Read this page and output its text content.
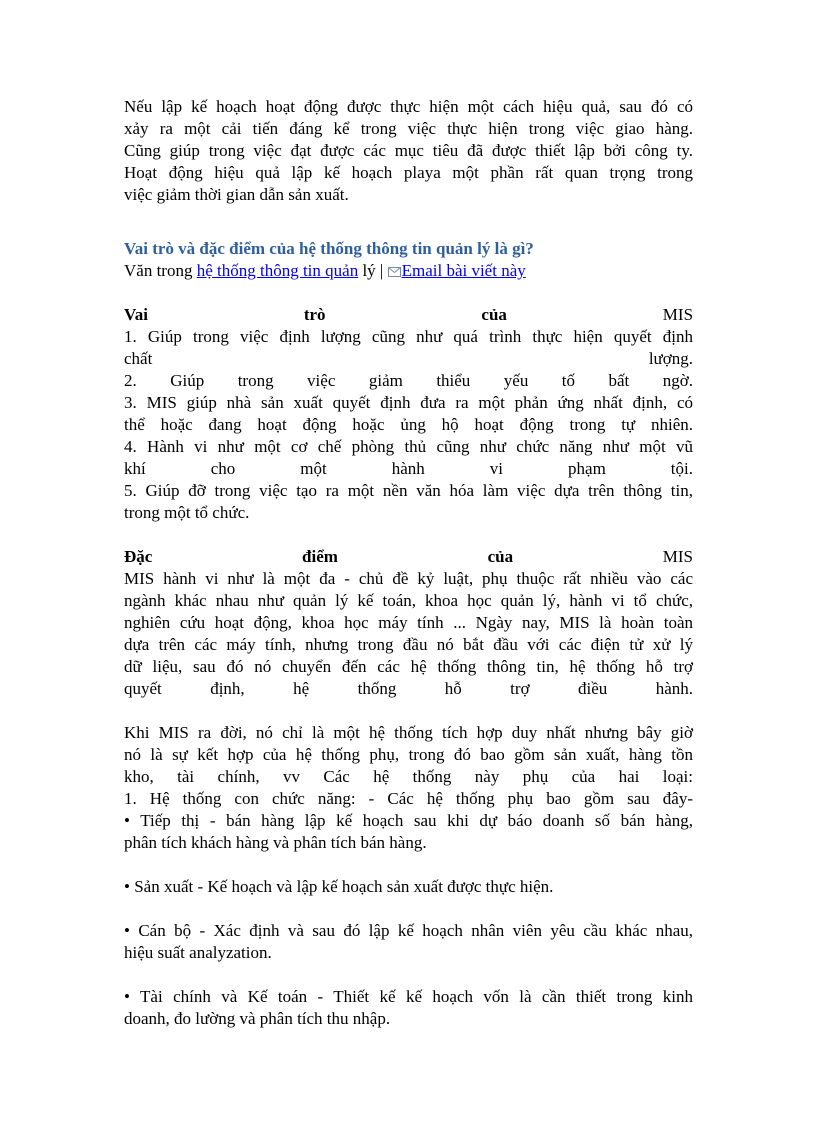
Nếu lập kế hoạch hoạt động được thực hiện một cách hiệu quả, sau đó có
xảy ra một cải tiến đáng kể trong việc thực hiện trong việc giao hàng.
Cũng giúp trong việc đạt được các mục tiêu đã được thiết lập bởi công ty.
Hoạt động hiệu quả lập kế hoạch playa một phần rất quan trọng trong
việc giảm thời gian dẫn sản xuất.
Vai trò và đặc điểm của hệ thống thông tin quản lý là gì?
Văn trong hệ thống thông tin quản lý | Email bài viết này
Vai	trò	của	MIS
1. Giúp trong việc định lượng cũng như quá trình thực hiện quyết định
chất lượng.
2. Giúp trong việc giảm thiểu yếu tố bất ngờ.
3. MIS giúp nhà sản xuất quyết định đưa ra một phản ứng nhất định, có
thể hoặc đang hoạt động hoặc ủng hộ hoạt động trong tự nhiên.
4. Hành vi như một cơ chế phòng thủ cũng như chức năng như một vũ
khí cho một hành vi phạm tội.
5. Giúp đỡ trong việc tạo ra một nền văn hóa làm việc dựa trên thông tin,
trong một tổ chức.
Đặc	điểm	của	MIS
MIS hành vi như là một đa - chủ đề kỷ luật, phụ thuộc rất nhiều vào các
ngành khác nhau như quản lý kế toán, khoa học quản lý, hành vi tổ chức,
nghiên cứu hoạt động, khoa học máy tính ... Ngày nay, MIS là hoàn toàn
dựa trên các máy tính, nhưng trong đầu nó bắt đầu với các điện tử xử lý
dữ liệu, sau đó nó chuyển đến các hệ thống thông tin, hệ thống hỗ trợ
quyết định, hệ thống hỗ trợ điều hành.
Khi MIS ra đời, nó chỉ là một hệ thống tích hợp duy nhất nhưng bây giờ
nó là sự kết hợp của hệ thống phụ, trong đó bao gồm sản xuất, hàng tồn
kho, tài chính, vv Các hệ thống này phụ của hai loại:
1. Hệ thống con chức năng: - Các hệ thống phụ bao gồm sau đây-
• Tiếp thị - bán hàng lập kế hoạch sau khi dự báo doanh số bán hàng,
phân tích khách hàng và phân tích bán hàng.
• Sản xuất - Kế hoạch và lập kế hoạch sản xuất được thực hiện.
• Cán bộ - Xác định và sau đó lập kế hoạch nhân viên yêu cầu khác nhau,
hiệu suất analyzation.
• Tài chính và Kế toán - Thiết kế kế hoạch vốn là cần thiết trong kinh
doanh, đo lường và phân tích thu nhập.
